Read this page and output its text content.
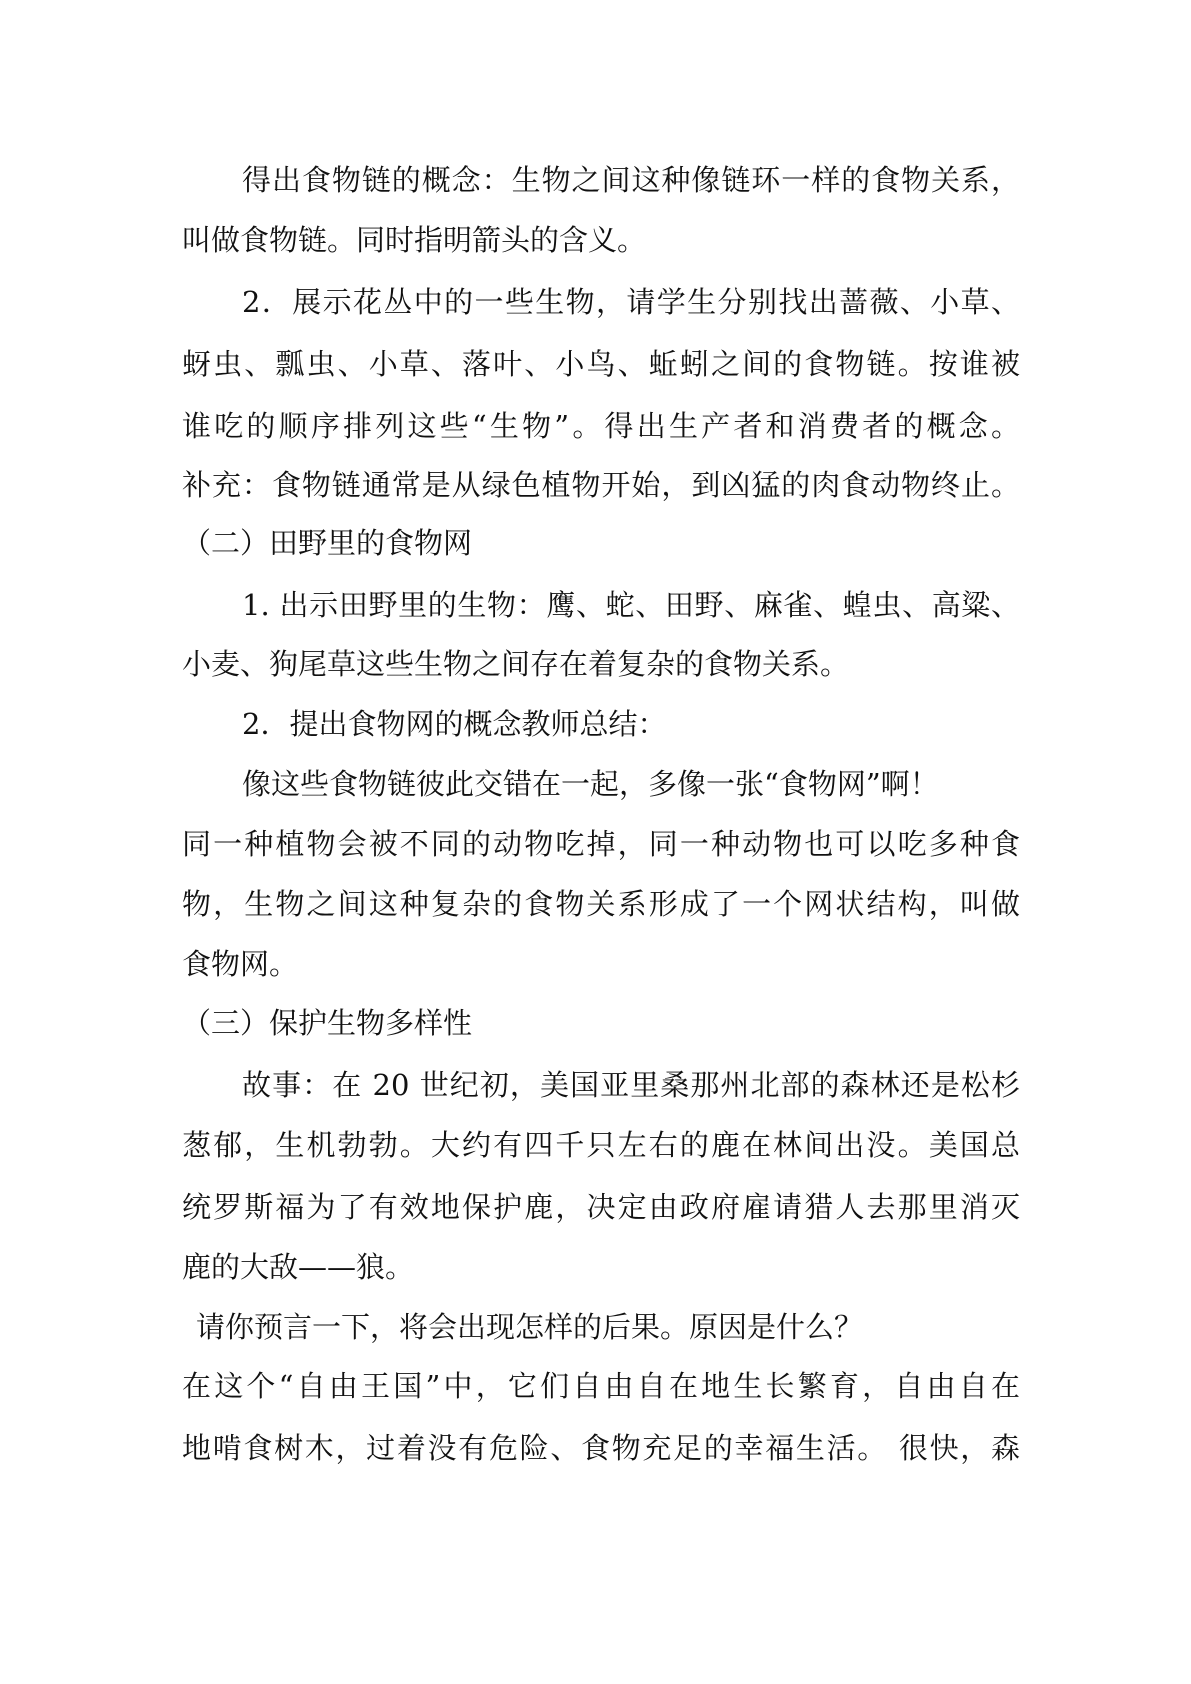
得出食物链的概念：生物之间这种像链环一样的食物关系，
叫做食物链。同时指明箭头的含义。
2．展示花丛中的一些生物，请学生分别找出蔷薇、小草、
蚜虫、瓢虫、小草、落叶、小鸟、蚯蚓之间的食物链。按谁被
谁吃的顺序排列这些“生物”。得出生产者和消费者的概念。
补充：食物链通常是从绿色植物开始，到凶猛的肉食动物终止。
（二）田野里的食物网
1. 出示田野里的生物：鹰、蛇、田野、麻雀、蝗虫、高粱、
小麦、狗尾草这些生物之间存在着复杂的食物关系。
2．提出食物网的概念教师总结：
像这些食物链彼此交错在一起，多像一张“食物网”啊！
同一种植物会被不同的动物吃掉，同一种动物也可以吃多种食
物，生物之间这种复杂的食物关系形成了一个网状结构，叫做
食物网。
（三）保护生物多样性
故事：在 20 世纪初，美国亚里桑那州北部的森林还是松杉
葱郁，生机勃勃。大约有四千只左右的鹿在林间出没。美国总
统罗斯福为了有效地保护鹿，决定由政府雇请猎人去那里消灭
鹿的大敌——狼。
请你预言一下，将会出现怎样的后果。原因是什么？
在这个“自由王国”中，它们自由自在地生长繁育，自由自在
地啃食树木，过着没有危险、食物充足的幸福生活。 很快，森
